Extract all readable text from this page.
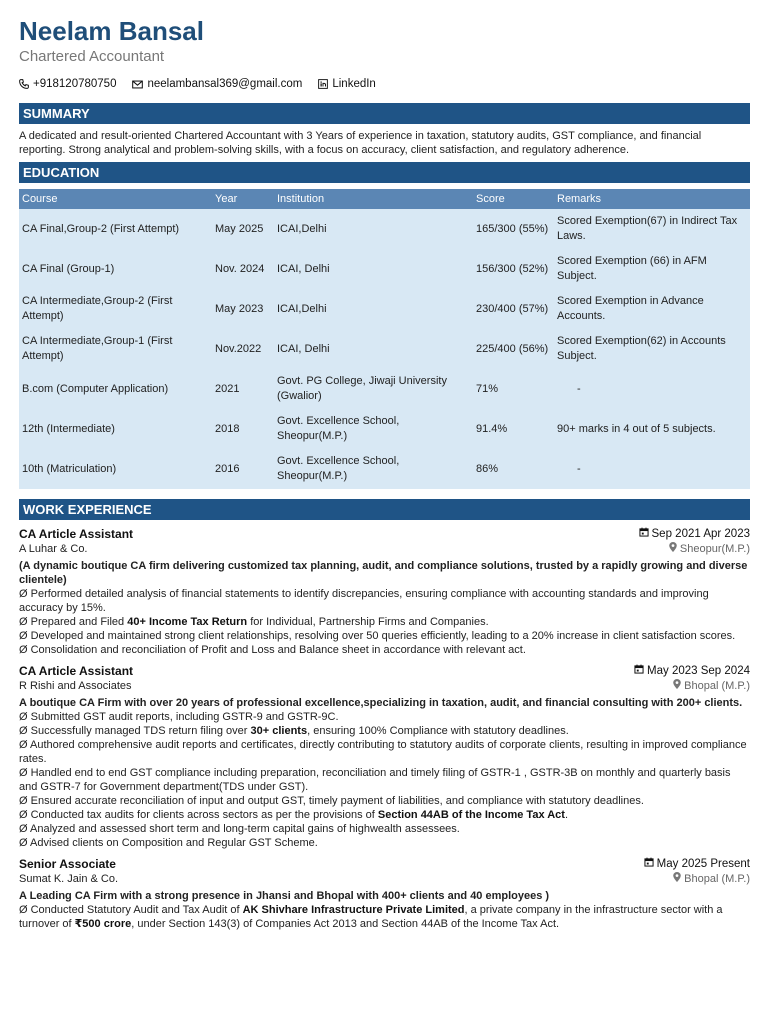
Neelam Bansal
Chartered Accountant
+918120780750	neelambansal369@gmail.com	LinkedIn
SUMMARY
A dedicated and result-oriented Chartered Accountant with 3 Years of experience in taxation, statutory audits, GST compliance, and financial reporting. Strong analytical and problem-solving skills, with a focus on accuracy, client satisfaction, and regulatory adherence.
EDUCATION
Course	Year	Institution	Score	Remarks
CA Final,Group-2 (First Attempt)	May 2025	ICAI,Delhi	165/300 (55%)	Scored Exemption(67) in Indirect Tax Laws.
CA Final (Group-1)	Nov. 2024	ICAI, Delhi	156/300 (52%)	Scored Exemption (66) in AFM Subject.
CA Intermediate,Group-2 (First Attempt)	May 2023	ICAI,Delhi	230/400 (57%)	Scored Exemption in Advance Accounts.
CA Intermediate,Group-1 (First Attempt)	Nov.2022	ICAI, Delhi	225/400 (56%)	Scored Exemption(62) in Accounts Subject.
B.com (Computer Application)	2021	Govt. PG College, Jiwaji University (Gwalior)	71%	-
12th (Intermediate)	2018	Govt. Excellence School, Sheopur(M.P.)	91.4%	90+ marks in 4 out of 5 subjects.
10th (Matriculation)	2016	Govt. Excellence School, Sheopur(M.P.)	86%	-
WORK EXPERIENCE
CA Article Assistant	Sep 2021 Apr 2023
A Luhar & Co.	Sheopur(M.P.)
(A dynamic boutique CA firm delivering customized tax planning, audit, and compliance solutions, trusted by a rapidly growing and diverse clientele)
Ø Performed detailed analysis of financial statements to identify discrepancies, ensuring compliance with accounting standards and improving accuracy by 15%.
Ø Prepared and Filed 40+ Income Tax Return for Individual, Partnership Firms and Companies.
Ø Developed and maintained strong client relationships, resolving over 50 queries efficiently, leading to a 20% increase in client satisfaction scores.
Ø Consolidation and reconciliation of Profit and Loss and Balance sheet in accordance with relevant act.
CA Article Assistant	May 2023 Sep 2024
R Rishi and Associates	Bhopal (M.P.)
A boutique CA Firm with over 20 years of professional excellence,specializing in taxation, audit, and financial consulting with 200+ clients.
Ø Submitted GST audit reports, including GSTR-9 and GSTR-9C.
Ø Successfully managed TDS return filing over 30+ clients, ensuring 100% Compliance with statutory deadlines.
Ø Authored comprehensive audit reports and certificates, directly contributing to statutory audits of corporate clients, resulting in improved compliance rates.
Ø Handled end to end GST compliance including preparation, reconciliation and timely filing of GSTR-1 , GSTR-3B on monthly and quarterly basis and GSTR-7 for Government department(TDS under GST).
Ø Ensured accurate reconciliation of input and output GST, timely payment of liabilities, and compliance with statutory deadlines.
Ø Conducted tax audits for clients across sectors as per the provisions of Section 44AB of the Income Tax Act.
Ø Analyzed and assessed short term and long-term capital gains of highwealth assessees.
Ø Advised clients on Composition and Regular GST Scheme.
Senior Associate	May 2025 Present
Sumat K. Jain & Co.	Bhopal (M.P.)
A Leading CA Firm with a strong presence in Jhansi and Bhopal with 400+ clients and 40 employees )
Ø Conducted Statutory Audit and Tax Audit of AK Shivhare Infrastructure Private Limited, a private company in the infrastructure sector with a turnover of ₹500 crore, under Section 143(3) of Companies Act 2013 and Section 44AB of the Income Tax Act.
